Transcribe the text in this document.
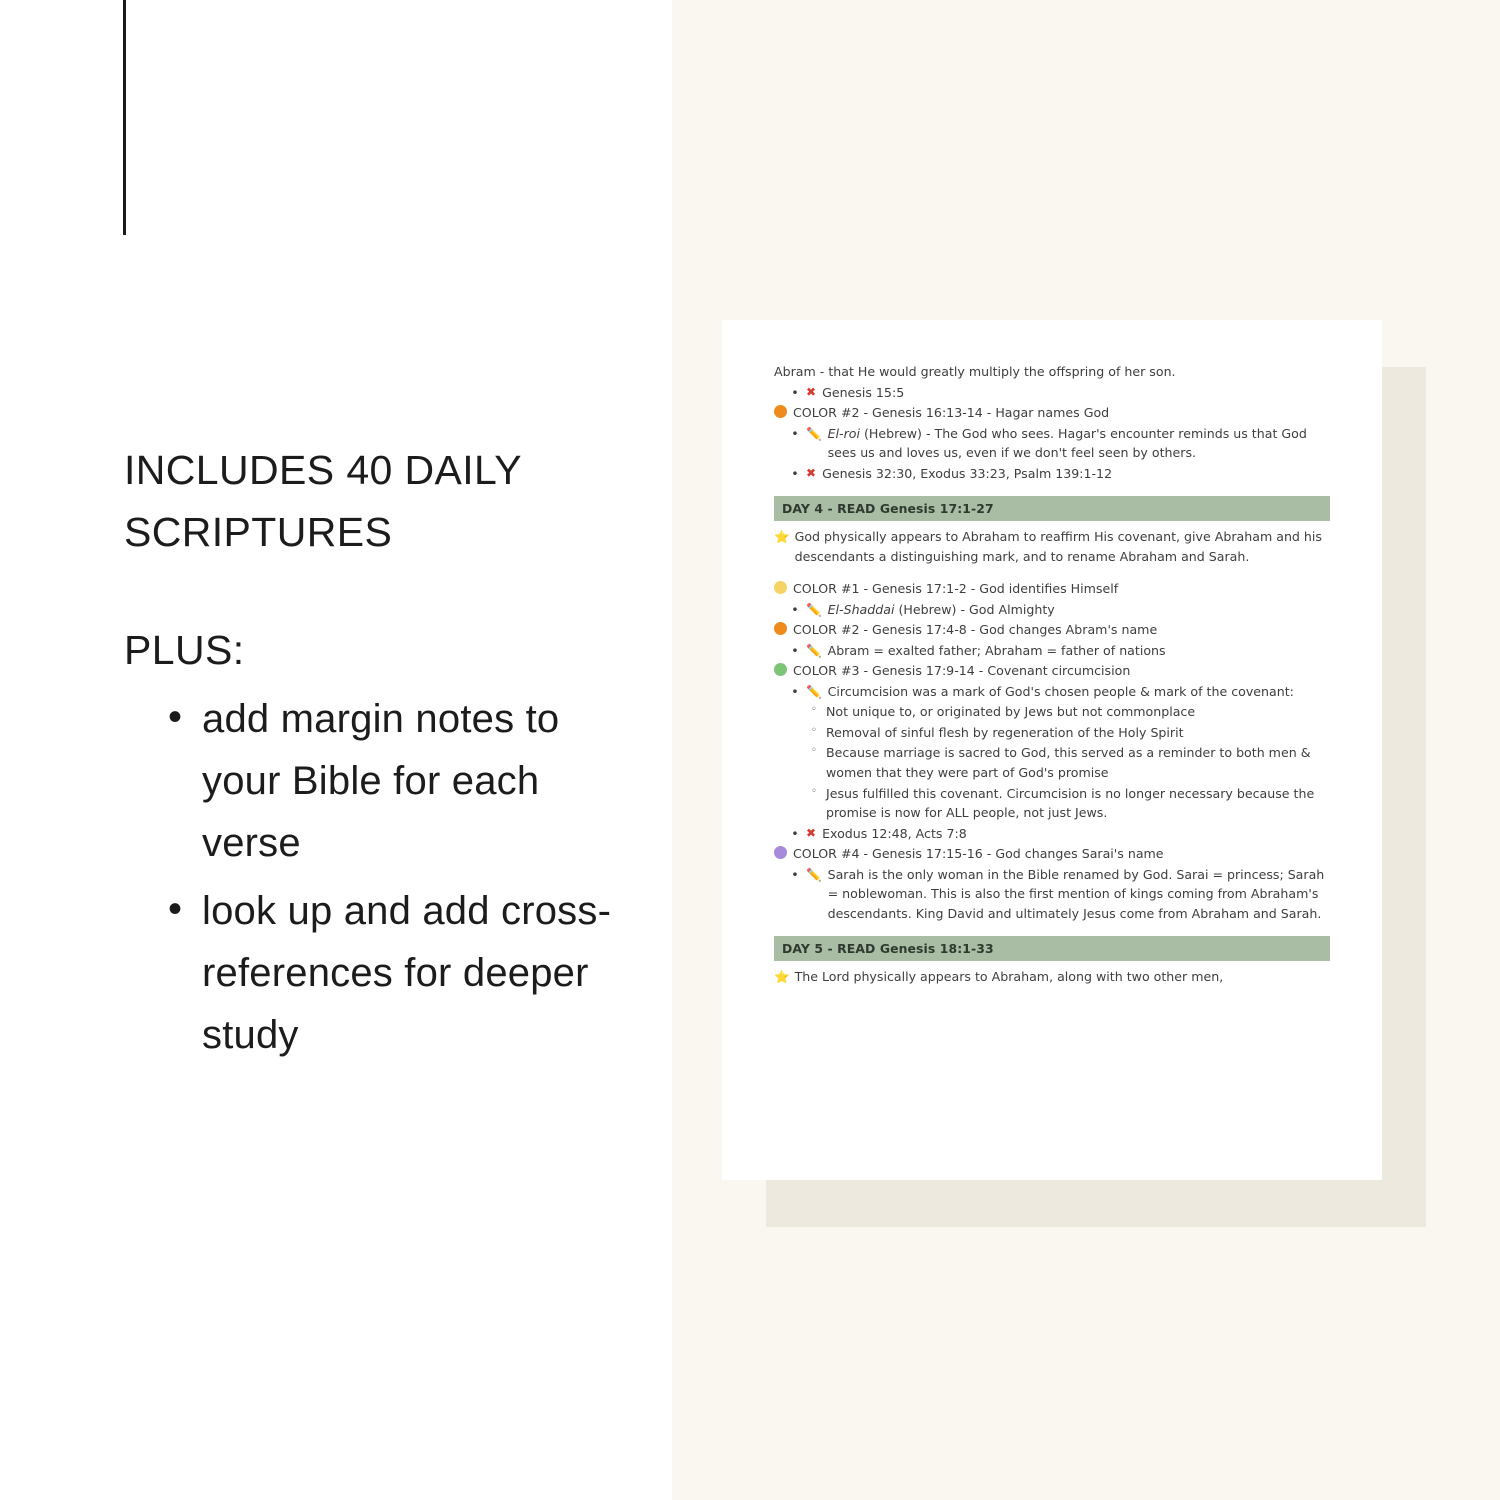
INCLUDES 40 DAILY SCRIPTURES
PLUS:
• add margin notes to your Bible for each verse
• look up and add cross-references for deeper study
Abram - that He would greatly multiply the offspring of her son.
• ✖ Genesis 15:5
COLOR #2 - Genesis 16:13-14 - Hagar names God
• ✏️ El-roi (Hebrew) - The God who sees. Hagar's encounter reminds us that God sees us and loves us, even if we don't feel seen by others.
• ✖ Genesis 32:30, Exodus 33:23, Psalm 139:1-12
DAY 4 - READ Genesis 17:1-27
⭐ God physically appears to Abraham to reaffirm His covenant, give Abraham and his descendants a distinguishing mark, and to rename Abraham and Sarah.
COLOR #1 - Genesis 17:1-2 - God identifies Himself
• ✏️ El-Shaddai (Hebrew) - God Almighty
COLOR #2 - Genesis 17:4-8 - God changes Abram's name
• ✏️ Abram = exalted father; Abraham = father of nations
COLOR #3 - Genesis 17:9-14 - Covenant circumcision
• ✏️ Circumcision was a mark of God's chosen people & mark of the covenant:
◦ Not unique to, or originated by Jews but not commonplace
◦ Removal of sinful flesh by regeneration of the Holy Spirit
◦ Because marriage is sacred to God, this served as a reminder to both men & women that they were part of God's promise
◦ Jesus fulfilled this covenant. Circumcision is no longer necessary because the promise is now for ALL people, not just Jews.
• ✖ Exodus 12:48, Acts 7:8
COLOR #4 - Genesis 17:15-16 - God changes Sarai's name
• ✏️ Sarah is the only woman in the Bible renamed by God. Sarai = princess; Sarah = noblewoman. This is also the first mention of kings coming from Abraham's descendants. King David and ultimately Jesus come from Abraham and Sarah.
DAY 5 - READ Genesis 18:1-33
⭐ The Lord physically appears to Abraham, along with two other men,
